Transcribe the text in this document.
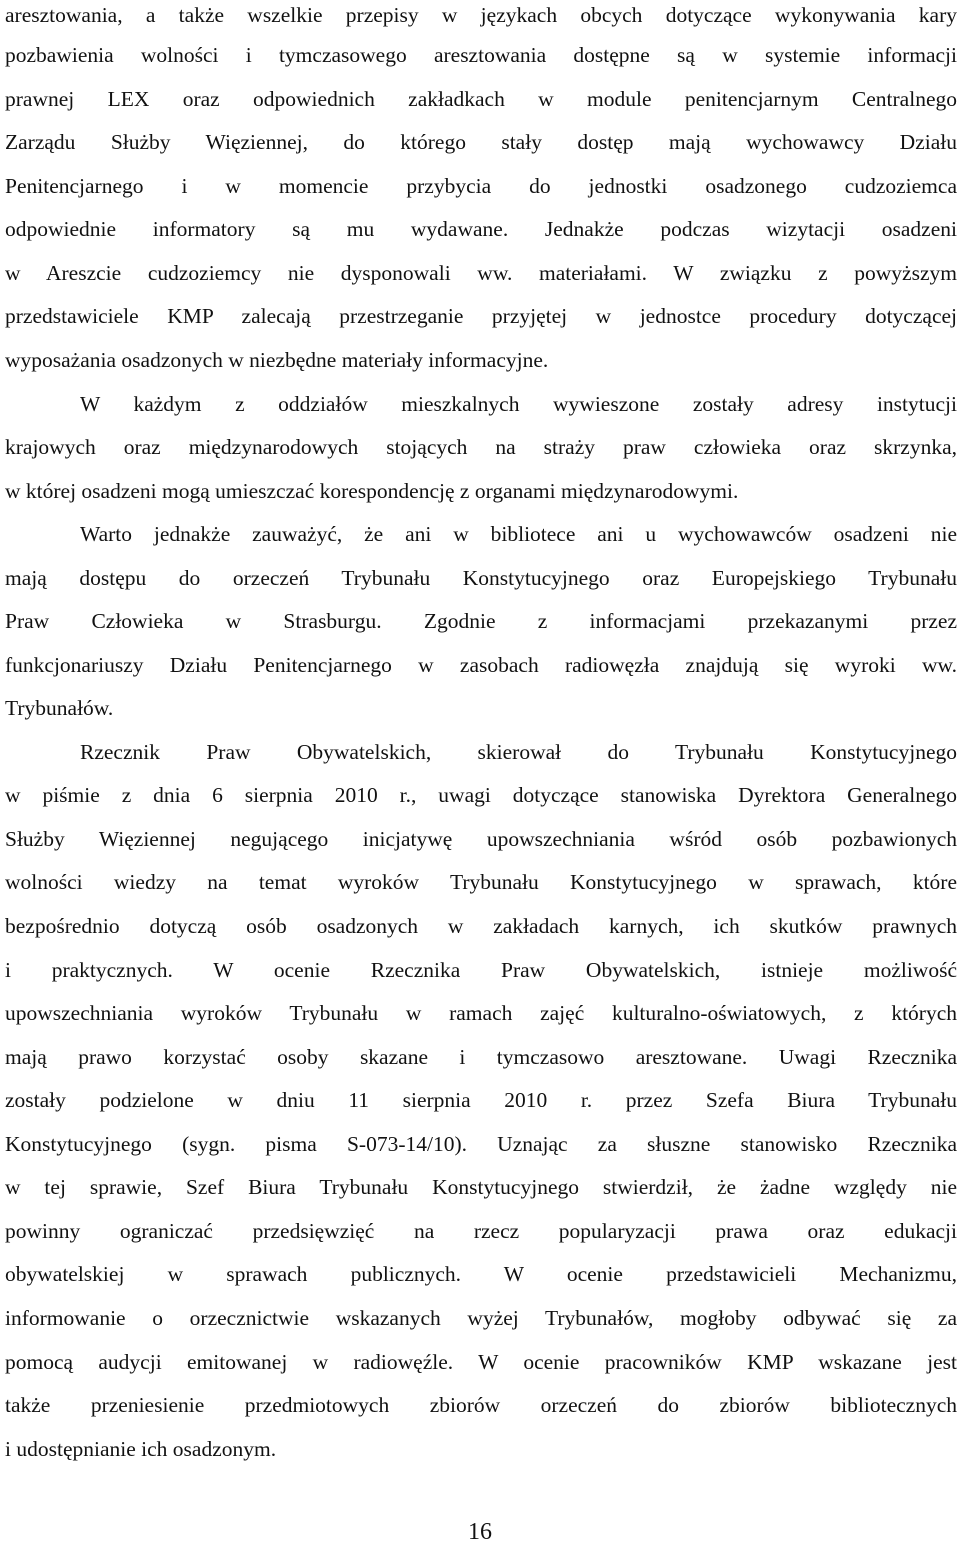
aresztowania, a także wszelkie przepisy w językach obcych dotyczące wykonywania kary
pozbawienia wolności i tymczasowego aresztowania dostępne są w systemie informacji
prawnej LEX oraz odpowiednich zakładkach w module penitencjarnym Centralnego
Zarządu Służby Więziennej, do którego stały dostęp mają wychowawcy Działu
Penitencjarnego i w momencie przybycia do jednostki osadzonego cudzoziemca
odpowiednie informatory są mu wydawane. Jednakże podczas wizytacji osadzeni
w Areszcie cudzoziemcy nie dysponowali ww. materiałami. W związku z powyższym
przedstawiciele KMP zalecają przestrzeganie przyjętej w jednostce procedury dotyczącej
wyposażania osadzonych w niezbędne materiały informacyjne.
W każdym z oddziałów mieszkalnych wywieszone zostały adresy instytucji
krajowych oraz międzynarodowych stojących na straży praw człowieka oraz skrzynka,
w której osadzeni mogą umieszczać korespondencję z organami międzynarodowymi.
Warto jednakże zauważyć, że ani w bibliotece ani u wychowawców osadzeni nie
mają dostępu do orzeczeń Trybunału Konstytucyjnego oraz Europejskiego Trybunału
Praw Człowieka w Strasburgu. Zgodnie z informacjami przekazanymi przez
funkcjonariuszy Działu Penitencjarnego w zasobach radiowęzła znajdują się wyroki ww.
Trybunałów.
Rzecznik Praw Obywatelskich, skierował do Trybunału Konstytucyjnego
w piśmie z dnia 6 sierpnia 2010 r., uwagi dotyczące stanowiska Dyrektora Generalnego
Służby Więziennej negującego inicjatywę upowszechniania wśród osób pozbawionych
wolności wiedzy na temat wyroków Trybunału Konstytucyjnego w sprawach, które
bezpośrednio dotyczą osób osadzonych w zakładach karnych, ich skutków prawnych
i praktycznych. W ocenie Rzecznika Praw Obywatelskich, istnieje możliwość
upowszechniania wyroków Trybunału w ramach zajęć kulturalno-oświatowych, z których
mają prawo korzystać osoby skazane i tymczasowo aresztowane. Uwagi Rzecznika
zostały podzielone w dniu 11 sierpnia 2010 r. przez Szefa Biura Trybunału
Konstytucyjnego (sygn. pisma S-073-14/10). Uznając za słuszne stanowisko Rzecznika
w tej sprawie, Szef Biura Trybunału Konstytucyjnego stwierdził, że żadne względy nie
powinny ograniczać przedsięwzięć na rzecz popularyzacji prawa oraz edukacji
obywatelskiej w sprawach publicznych. W ocenie przedstawicieli Mechanizmu,
informowanie o orzecznictwie wskazanych wyżej Trybunałów, mogłoby odbywać się za
pomocą audycji emitowanej w radiowęźle. W ocenie pracowników KMP wskazane jest
także przeniesienie przedmiotowych zbiorów orzeczeń do zbiorów bibliotecznych
i udostępnianie ich osadzonym.
16
